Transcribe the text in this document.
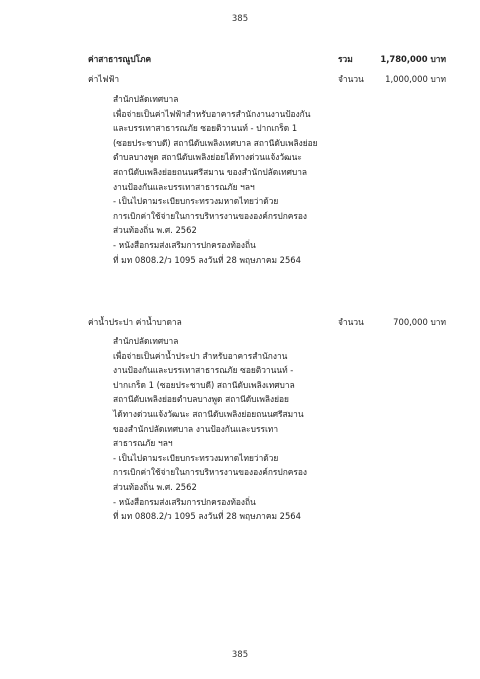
385
ค่าสาธารณูปโภค	รวม	1,780,000 บาท
ค่าไฟฟ้า	จำนวน	1,000,000 บาท
สำนักปลัดเทศบาล
เพื่อจ่ายเป็นค่าไฟฟ้าสำหรับอาคารสำนักงานงานป้องกัน
และบรรเทาสาธารณภัย ซอยติวานนท์ - ปากเกร็ด 1
(ซอยประชาบดี) สถานีดับเพลิงเทศบาล สถานีดับเพลิงย่อย
ตำบลบางพูด สถานีดับเพลิงย่อยได้ทางด่วนแจ้งวัฒนะ
สถานีดับเพลิงย่อยถนนศรีสมาน ของสำนักปลัดเทศบาล
งานป้องกันและบรรเทาสาธารณภัย ฯลฯ
- เป็นไปตามระเบียบกระทรวงมหาดไทยว่าด้วย
การเบิกค่าใช้จ่ายในการบริหารงานขององค์กรปกครอง
ส่วนท้องถิ่น พ.ศ. 2562
- หนังสือกรมส่งเสริมการปกครองท้องถิ่น
ที่ มท 0808.2/ว 1095 ลงวันที่ 28 พฤษภาคม 2564
ค่าน้ำประปา ค่าน้ำบาดาล	จำนวน	700,000 บาท
สำนักปลัดเทศบาล
เพื่อจ่ายเป็นค่าน้ำประปา สำหรับอาคารสำนักงาน
งานป้องกันและบรรเทาสาธารณภัย ซอยติวานนท์ -
ปากเกร็ด 1 (ซอยประชาบดี) สถานีดับเพลิงเทศบาล
สถานีดับเพลิงย่อยตำบลบางพูด สถานีดับเพลิงย่อย
ได้ทางด่วนแจ้งวัฒนะ สถานีดับเพลิงย่อยถนนศรีสมาน
ของสำนักปลัดเทศบาล งานป้องกันและบรรเทา
สาธารณภัย ฯลฯ
- เป็นไปตามระเบียบกระทรวงมหาดไทยว่าด้วย
การเบิกค่าใช้จ่ายในการบริหารงานขององค์กรปกครอง
ส่วนท้องถิ่น พ.ศ. 2562
- หนังสือกรมส่งเสริมการปกครองท้องถิ่น
ที่ มท 0808.2/ว 1095 ลงวันที่ 28 พฤษภาคม 2564
385
